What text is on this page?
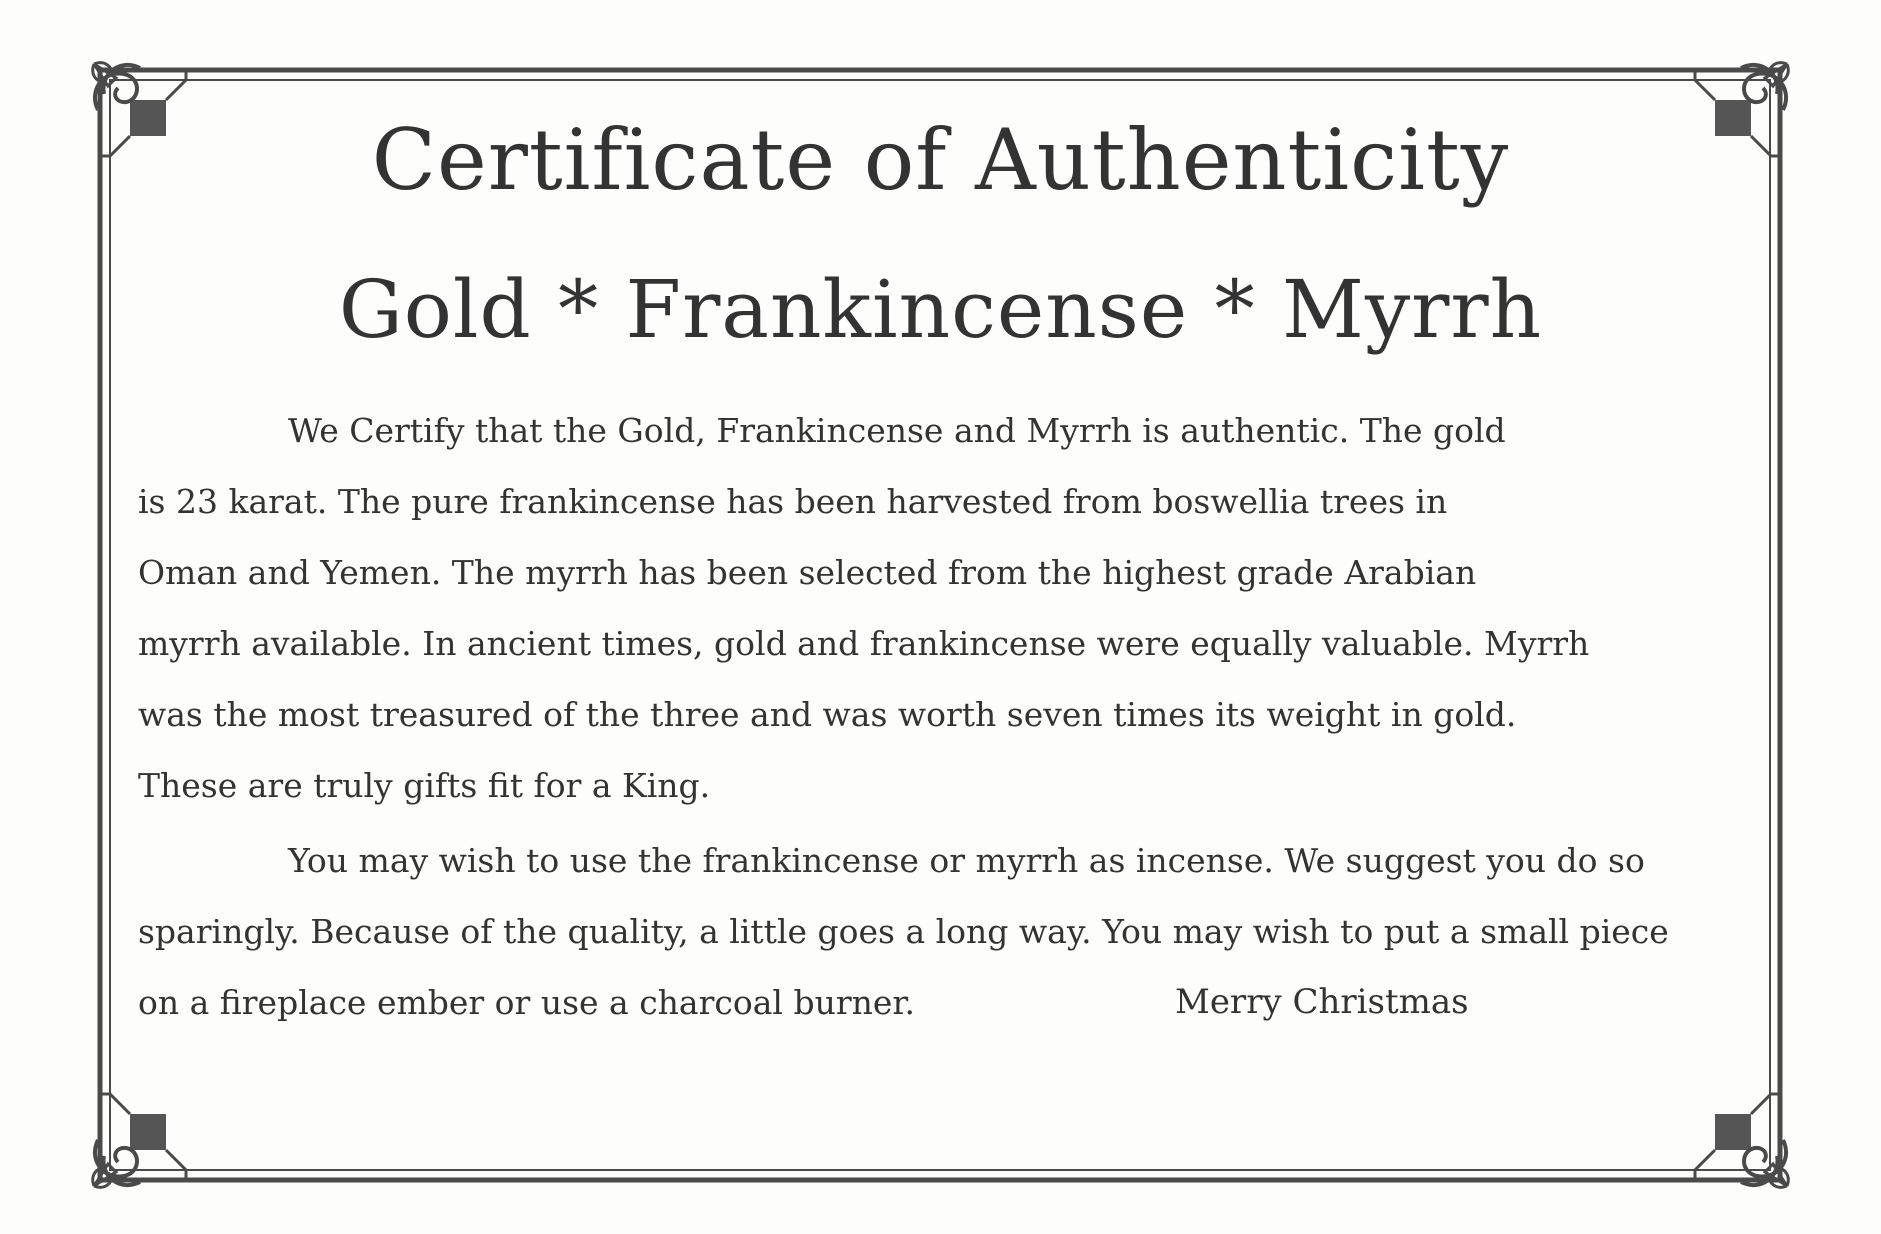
Certificate of Authenticity
Gold * Frankincense * Myrrh
We Certify that the Gold, Frankincense and Myrrh is authentic. The gold
is 23 karat. The pure frankincense has been harvested from boswellia trees in
Oman and Yemen. The myrrh has been selected from the highest grade Arabian
myrrh available. In ancient times, gold and frankincense were equally valuable. Myrrh
was the most treasured of the three and was worth seven times its weight in gold.
These are truly gifts fit for a King.
You may wish to use the frankincense or myrrh as incense. We suggest you do so
sparingly. Because of the quality, a little goes a long way. You may wish to put a small piece
on a fireplace ember or use a charcoal burner.	Merry Christmas
